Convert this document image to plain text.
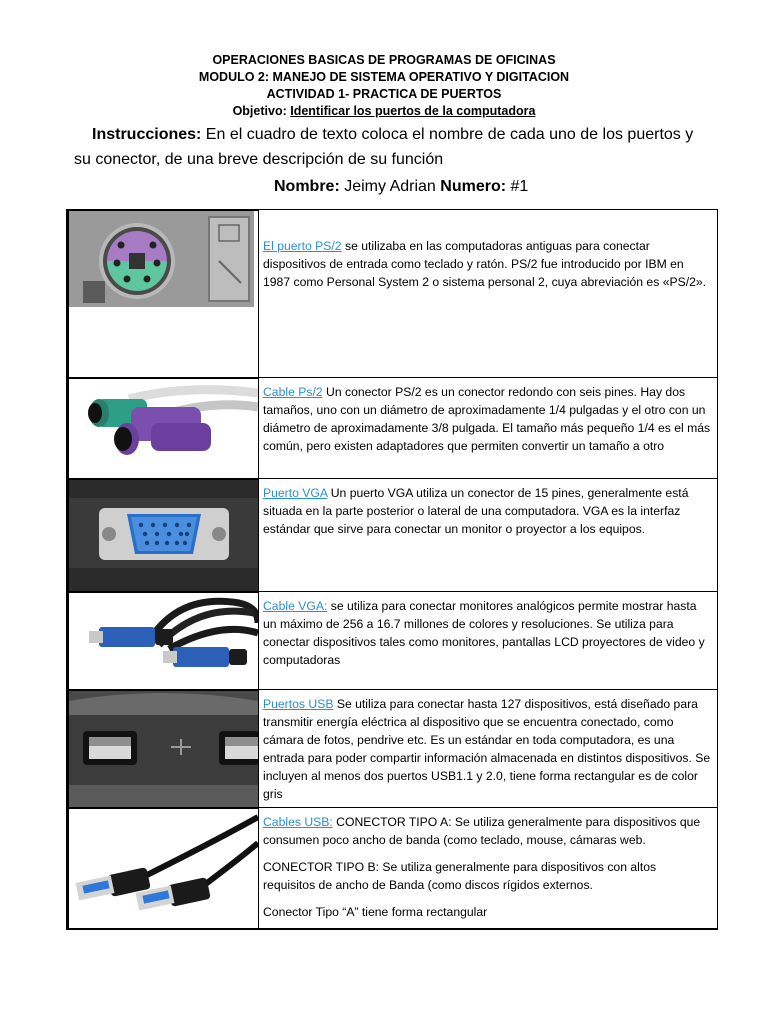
OPERACIONES BASICAS DE PROGRAMAS DE OFICINAS
MODULO 2: MANEJO DE SISTEMA OPERATIVO Y DIGITACION
ACTIVIDAD 1- PRACTICA DE PUERTOS
Objetivo: Identificar los puertos de la computadora
Instrucciones: En el cuadro de texto coloca el nombre de cada uno de los puertos y su conector, de una breve descripción de su función
Nombre: Jeimy Adrian Numero: #1

El puerto PS/2 se utilizaba en las computadoras antiguas para conectar dispositivos de entrada como teclado y ratón. PS/2 fue introducido por IBM en 1987 como Personal System 2 o sistema personal 2, cuya abreviación es «PS/2».

Cable Ps/2 Un conector PS/2 es un conector redondo con seis pines. Hay dos tamaños, uno con un diámetro de aproximadamente 1/4 pulgadas y el otro con un diámetro de aproximadamente 3/8 pulgada. El tamaño más pequeño 1/4 es el más común, pero existen adaptadores que permiten convertir un tamaño a otro

Puerto VGA Un puerto VGA utiliza un conector de 15 pines, generalmente está situada en la parte posterior o lateral de una computadora. VGA es la interfaz estándar que sirve para conectar un monitor o proyector a los equipos.

Cable VGA: se utiliza para conectar monitores analógicos permite mostrar hasta un máximo de 256 a 16.7 millones de colores y resoluciones. Se utiliza para conectar dispositivos tales como monitores, pantallas LCD proyectores de video y computadoras

Puertos USB Se utiliza para conectar hasta 127 dispositivos, está diseñado para transmitir energía eléctrica al dispositivo que se encuentra conectado, como cámara de fotos, pendrive etc. Es un estándar en toda computadora, es una entrada para poder compartir información almacenada en distintos dispositivos. Se incluyen al menos dos puertos USB1.1 y 2.0, tiene forma rectangular es de color gris

Cables USB: CONECTOR TIPO A: Se utiliza generalmente para dispositivos que consumen poco ancho de banda (como teclado, mouse, cámaras web.

CONECTOR TIPO B: Se utiliza generalmente para dispositivos con altos requisitos de ancho de Banda (como discos rígidos externos.

Conector Tipo “A” tiene forma rectangular
